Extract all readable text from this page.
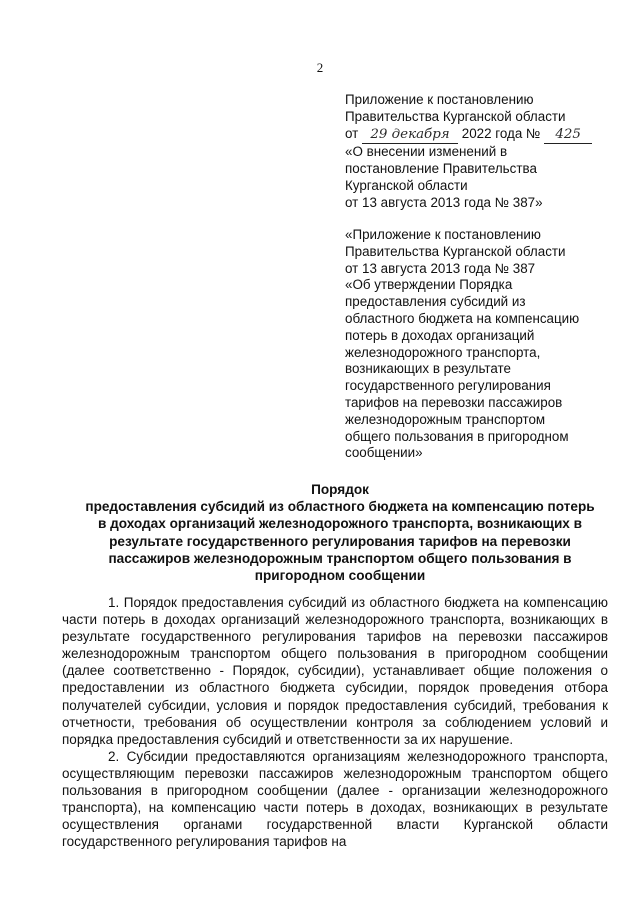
2
Приложение к постановлению
Правительства Курганской области
от 29 декабря 2022 года № 425
«О внесении изменений в
постановление Правительства
Курганской области
от 13 августа 2013 года № 387»
«Приложение к постановлению
Правительства Курганской области
от 13 августа 2013 года № 387
«Об утверждении Порядка
предоставления субсидий из
областного бюджета на компенсацию
потерь в доходах организаций
железнодорожного транспорта,
возникающих в результате
государственного регулирования
тарифов на перевозки пассажиров
железнодорожным транспортом
общего пользования в пригородном
сообщении»
Порядок
предоставления субсидий из областного бюджета на компенсацию потерь
в доходах организаций железнодорожного транспорта, возникающих в
результате государственного регулирования тарифов на перевозки
пассажиров железнодорожным транспортом общего пользования в
пригородном сообщении

1. Порядок предоставления субсидий из областного бюджета на компенсацию части потерь в доходах организаций железнодорожного транспорта, возникающих в результате государственного регулирования тарифов на перевозки пассажиров железнодорожным транспортом общего пользования в пригородном сообщении (далее соответственно - Порядок, субсидии), устанавливает общие положения о предоставлении из областного бюджета субсидии, порядок проведения отбора получателей субсидии, условия и порядок предоставления субсидий, требования к отчетности, требования об осуществлении контроля за соблюдением условий и порядка предоставления субсидий и ответственности за их нарушение.

2. Субсидии предоставляются организациям железнодорожного транспорта, осуществляющим перевозки пассажиров железнодорожным транспортом общего пользования в пригородном сообщении (далее - организации железнодорожного транспорта), на компенсацию части потерь в доходах, возникающих в результате осуществления органами государственной власти Курганской области государственного регулирования тарифов на
